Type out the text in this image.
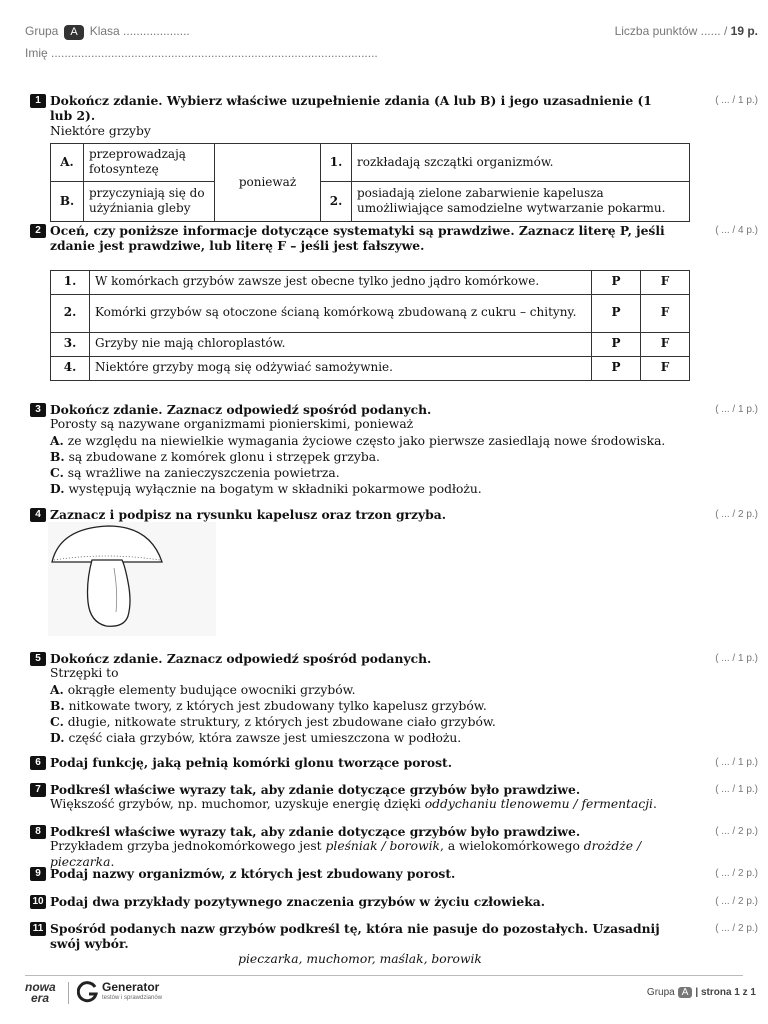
Grupa A Klasa ....................
Imię ..................................................................................................
Liczba punktów ...... / 19 p.
1 Dokończ zdanie. Wybierz właściwe uzupełnienie zdania (A lub B) i jego uzasadnienie (1 lub 2).
Niektóre grzyby
A.	przeprowadzają fotosyntezę	ponieważ	1.	rozkładają szczątki organizmów.
B.	przyczyniają się do użyźniania gleby		2.	posiadają zielone zabarwienie kapelusza umożliwiające samodzielne wytwarzanie pokarmu.
( ... / 1 p.)
2 Oceń, czy poniższe informacje dotyczące systematyki są prawdziwe. Zaznacz literę P, jeśli zdanie jest prawdziwe, lub literę F – jeśli jest fałszywe.
1.	W komórkach grzybów zawsze jest obecne tylko jedno jądro komórkowe.	P	F
2.	Komórki grzybów są otoczone ścianą komórkową zbudowaną z cukru – chityny.	P	F
3.	Grzyby nie mają chloroplastów.	P	F
4.	Niektóre grzyby mogą się odżywiać samożywnie.	P	F
( ... / 4 p.)
3 Dokończ zdanie. Zaznacz odpowiedź spośród podanych.
Porosty są nazywane organizmami pionierskimi, ponieważ
A. ze względu na niewielkie wymagania życiowe często jako pierwsze zasiedlają nowe środowiska.
B. są zbudowane z komórek glonu i strzępek grzyba.
C. są wrażliwe na zanieczyszczenia powietrza.
D. występują wyłącznie na bogatym w składniki pokarmowe podłożu.
( ... / 1 p.)
4 Zaznacz i podpisz na rysunku kapelusz oraz trzon grzyba.	( ... / 2 p.)
5 Dokończ zdanie. Zaznacz odpowiedź spośród podanych.
Strzępki to
A. okrągłe elementy budujące owocniki grzybów.
B. nitkowate twory, z których jest zbudowany tylko kapelusz grzybów.
C. długie, nitkowate struktury, z których jest zbudowane ciało grzybów.
D. część ciała grzybów, która zawsze jest umieszczona w podłożu.
( ... / 1 p.)
6 Podaj funkcję, jaką pełnią komórki glonu tworzące porost.	( ... / 1 p.)
7 Podkreśl właściwe wyrazy tak, aby zdanie dotyczące grzybów było prawdziwe.
Większość grzybów, np. muchomor, uzyskuje energię dzięki oddychaniu tlenowemu / fermentacji.
( ... / 1 p.)
8 Podkreśl właściwe wyrazy tak, aby zdanie dotyczące grzybów było prawdziwe.
Przykładem grzyba jednokomórkowego jest pleśniak / borowik, a wielokomórkowego drożdże / pieczarka.
( ... / 2 p.)
9 Podaj nazwy organizmów, z których jest zbudowany porost.	( ... / 2 p.)
10 Podaj dwa przykłady pozytywnego znaczenia grzybów w życiu człowieka.	( ... / 2 p.)
11 Spośród podanych nazw grzybów podkreśl tę, która nie pasuje do pozostałych. Uzasadnij swój wybór.
pieczarka, muchomor, maślak, borowik
( ... / 2 p.)
nowa
era
Generator
testów i sprawdzianów	Grupa A | strona 1 z 1
